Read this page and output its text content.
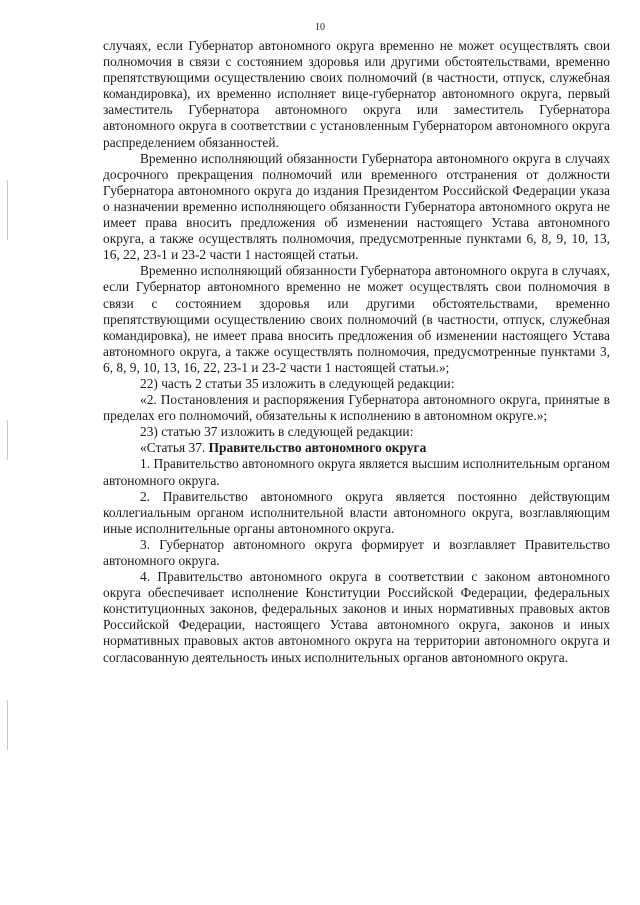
10

случаях, если Губернатор автономного округа временно не может осуществлять свои полномочия в связи с состоянием здоровья или другими обстоятельствами, временно препятствующими осуществлению своих полномочий (в частности, отпуск, служебная командировка), их временно исполняет вице-губернатор автономного округа, первый заместитель Губернатора автономного округа или заместитель Губернатора автономного округа в соответствии с установленным Губернатором автономного округа распределением обязанностей.

Временно исполняющий обязанности Губернатора автономного округа в случаях досрочного прекращения полномочий или временного отстранения от должности Губернатора автономного округа до издания Президентом Российской Федерации указа о назначении временно исполняющего обязанности Губернатора автономного округа не имеет права вносить предложения об изменении настоящего Устава автономного округа, а также осуществлять полномочия, предусмотренные пунктами 6, 8, 9, 10, 13, 16, 22, 23-1 и 23-2 части 1 настоящей статьи.

Временно исполняющий обязанности Губернатора автономного округа в случаях, если Губернатор автономного временно не может осуществлять свои полномочия в связи с состоянием здоровья или другими обстоятельствами, временно препятствующими осуществлению своих полномочий (в частности, отпуск, служебная командировка), не имеет права вносить предложения об изменении настоящего Устава автономного округа, а также осуществлять полномочия, предусмотренные пунктами 3, 6, 8, 9, 10, 13, 16, 22, 23-1 и 23-2 части 1 настоящей статьи.»;

22) часть 2 статьи 35 изложить в следующей редакции:

«2. Постановления и распоряжения Губернатора автономного округа, принятые в пределах его полномочий, обязательны к исполнению в автономном округе.»;

23) статью 37 изложить в следующей редакции:

«Статья 37. Правительство автономного округа

1. Правительство автономного округа является высшим исполнительным органом автономного округа.

2. Правительство автономного округа является постоянно действующим коллегиальным органом исполнительной власти автономного округа, возглавляющим иные исполнительные органы автономного округа.

3. Губернатор автономного округа формирует и возглавляет Правительство автономного округа.

4. Правительство автономного округа в соответствии с законом автономного округа обеспечивает исполнение Конституции Российской Федерации, федеральных конституционных законов, федеральных законов и иных нормативных правовых актов Российской Федерации, настоящего Устава автономного округа, законов и иных нормативных правовых актов автономного округа на территории автономного округа и согласованную деятельность иных исполнительных органов автономного округа.
